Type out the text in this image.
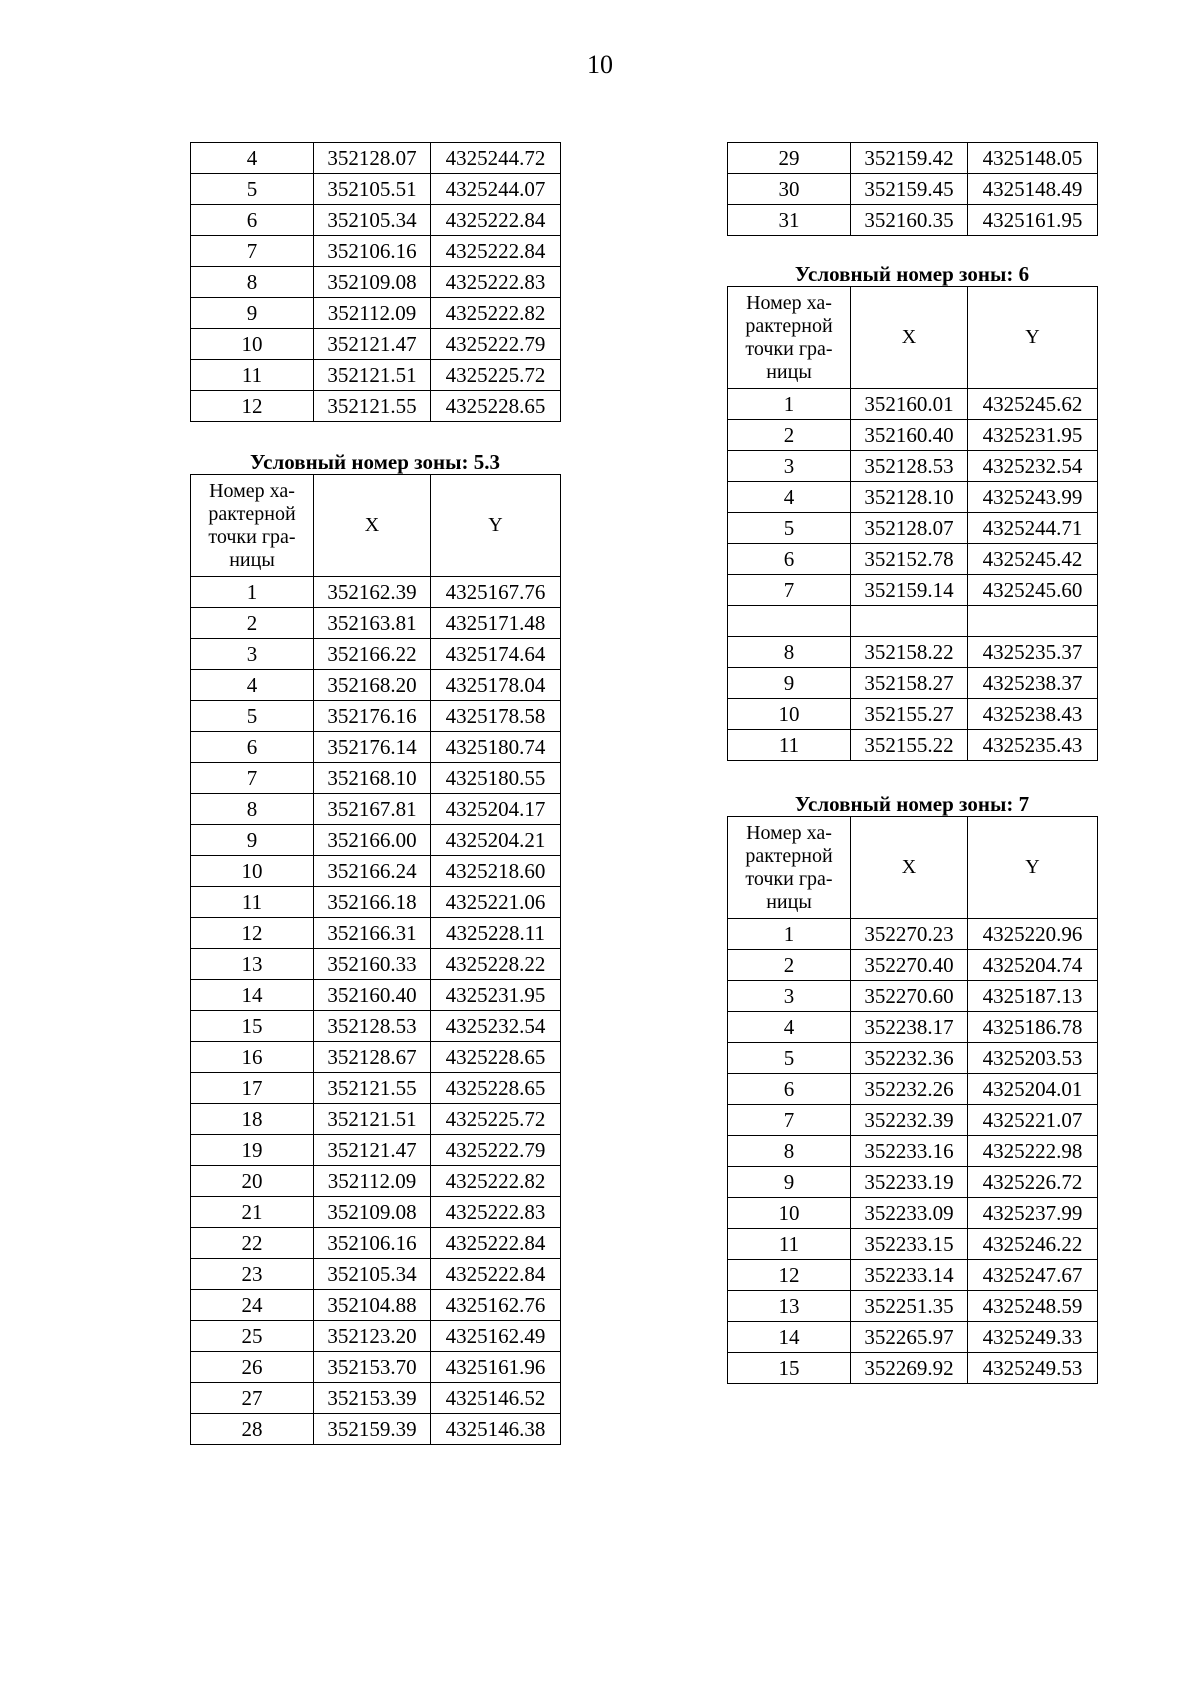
10
4	352128.07	4325244.72
5	352105.51	4325244.07
6	352105.34	4325222.84
7	352106.16	4325222.84
8	352109.08	4325222.83
9	352112.09	4325222.82
10	352121.47	4325222.79
11	352121.51	4325225.72
12	352121.55	4325228.65
Условный номер зоны: 5.3
Номер ха-рактерной точки гра-ницы	X	Y
1	352162.39	4325167.76
2	352163.81	4325171.48
3	352166.22	4325174.64
4	352168.20	4325178.04
5	352176.16	4325178.58
6	352176.14	4325180.74
7	352168.10	4325180.55
8	352167.81	4325204.17
9	352166.00	4325204.21
10	352166.24	4325218.60
11	352166.18	4325221.06
12	352166.31	4325228.11
13	352160.33	4325228.22
14	352160.40	4325231.95
15	352128.53	4325232.54
16	352128.67	4325228.65
17	352121.55	4325228.65
18	352121.51	4325225.72
19	352121.47	4325222.79
20	352112.09	4325222.82
21	352109.08	4325222.83
22	352106.16	4325222.84
23	352105.34	4325222.84
24	352104.88	4325162.76
25	352123.20	4325162.49
26	352153.70	4325161.96
27	352153.39	4325146.52
28	352159.39	4325146.38
29	352159.42	4325148.05
30	352159.45	4325148.49
31	352160.35	4325161.95
Условный номер зоны: 6
Номер ха-рактерной точки гра-ницы	X	Y
1	352160.01	4325245.62
2	352160.40	4325231.95
3	352128.53	4325232.54
4	352128.10	4325243.99
5	352128.07	4325244.71
6	352152.78	4325245.42
7	352159.14	4325245.60

8	352158.22	4325235.37
9	352158.27	4325238.37
10	352155.27	4325238.43
11	352155.22	4325235.43
Условный номер зоны: 7
Номер ха-рактерной точки гра-ницы	X	Y
1	352270.23	4325220.96
2	352270.40	4325204.74
3	352270.60	4325187.13
4	352238.17	4325186.78
5	352232.36	4325203.53
6	352232.26	4325204.01
7	352232.39	4325221.07
8	352233.16	4325222.98
9	352233.19	4325226.72
10	352233.09	4325237.99
11	352233.15	4325246.22
12	352233.14	4325247.67
13	352251.35	4325248.59
14	352265.97	4325249.33
15	352269.92	4325249.53
